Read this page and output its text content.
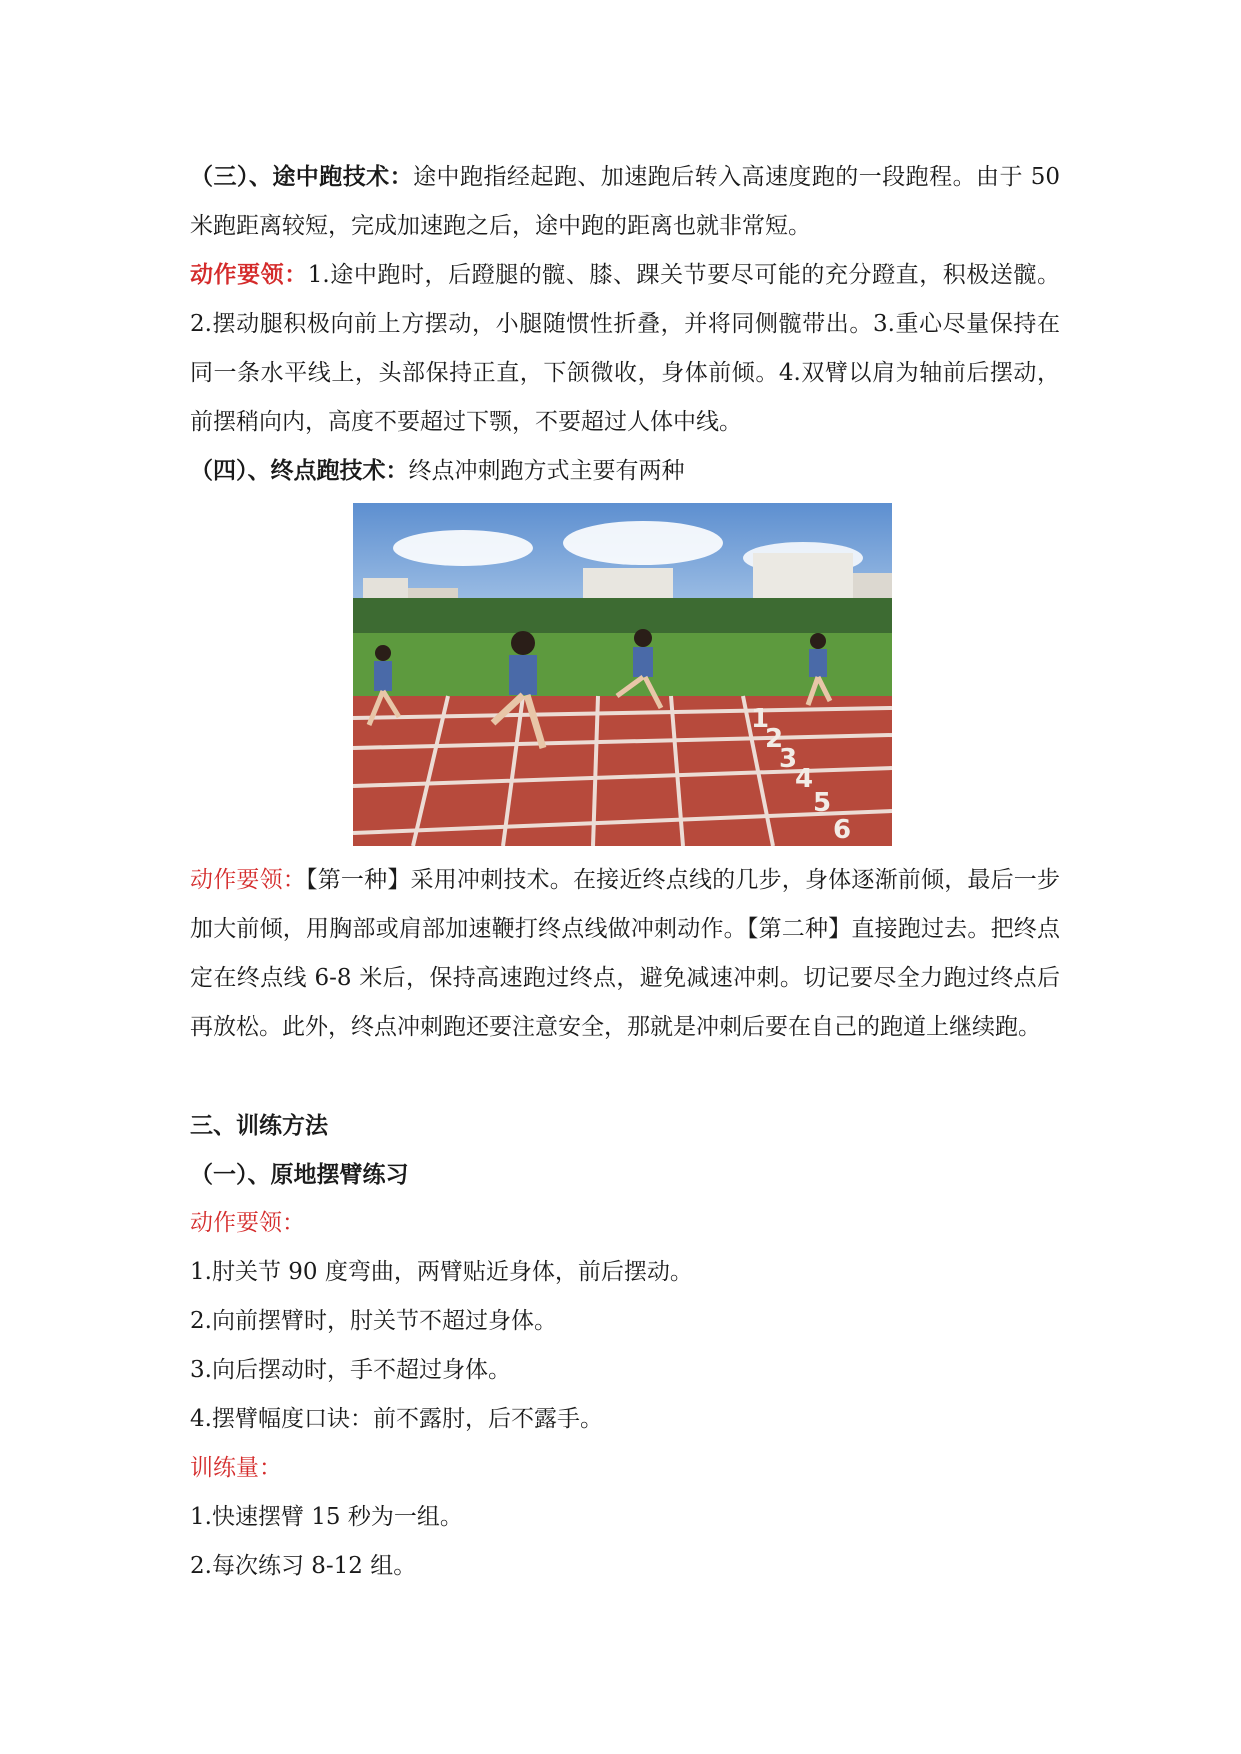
（三）、途中跑技术：途中跑指经起跑、加速跑后转入高速度跑的一段跑程。由于 50 米跑距离较短，完成加速跑之后，途中跑的距离也就非常短。

动作要领：1.途中跑时，后蹬腿的髋、膝、踝关节要尽可能的充分蹬直，积极送髋。2.摆动腿积极向前上方摆动，小腿随惯性折叠，并将同侧髋带出。3.重心尽量保持在同一条水平线上，头部保持正直，下颌微收，身体前倾。4.双臂以肩为轴前后摆动，前摆稍向内，高度不要超过下颚，不要超过人体中线。

（四）、终点跑技术：终点冲刺跑方式主要有两种

1
2
3
4
5
6

动作要领：【第一种】采用冲刺技术。在接近终点线的几步，身体逐渐前倾，最后一步加大前倾，用胸部或肩部加速鞭打终点线做冲刺动作。【第二种】直接跑过去。把终点定在终点线 6-8 米后，保持高速跑过终点，避免减速冲刺。切记要尽全力跑过终点后再放松。此外，终点冲刺跑还要注意安全，那就是冲刺后要在自己的跑道上继续跑。

三、训练方法

（一）、原地摆臂练习

动作要领：

1.肘关节 90 度弯曲，两臂贴近身体，前后摆动。

2.向前摆臂时，肘关节不超过身体。

3.向后摆动时，手不超过身体。

4.摆臂幅度口诀：前不露肘，后不露手。

训练量：

1.快速摆臂 15 秒为一组。

2.每次练习 8-12 组。
